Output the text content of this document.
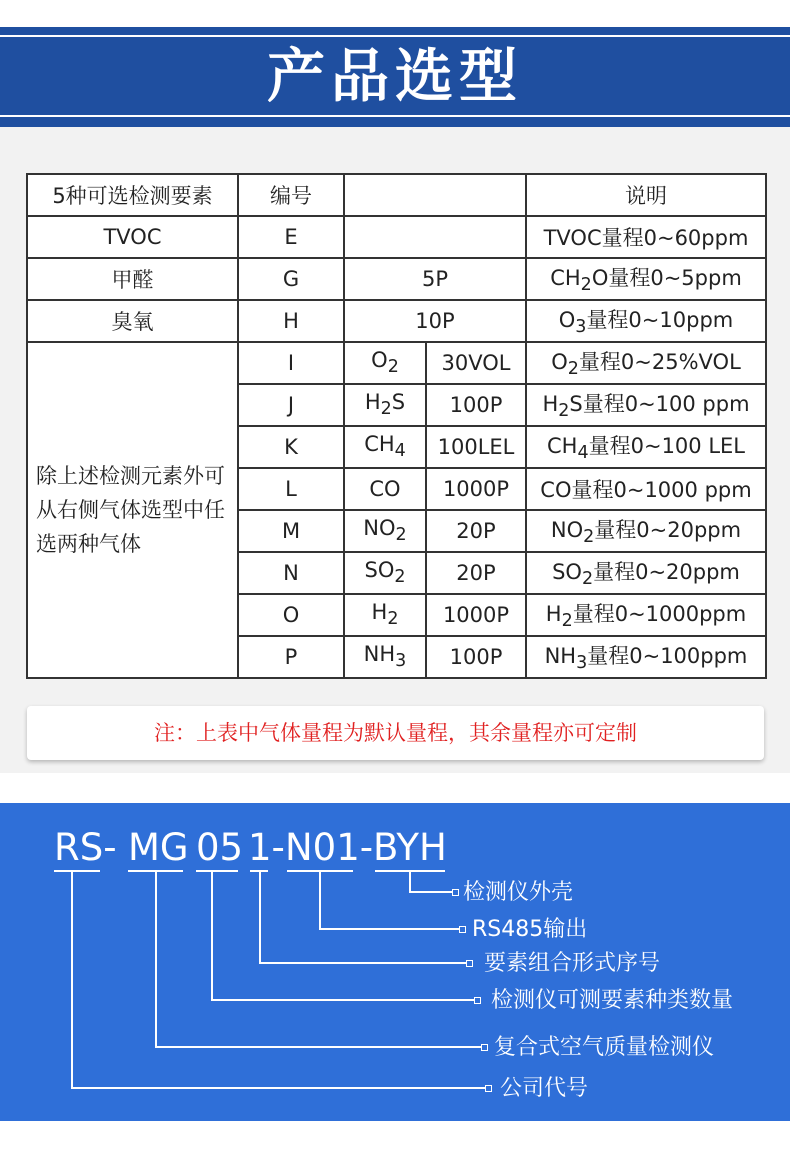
产品选型
5种可选检测要素	编号			说明
TVOC	E			TVOC量程0~60ppm
甲醛	G	5P		$CH_2O$量程0~5ppm
臭氧	H	10P		$O_3$量程0~10ppm
除上述检测元素外可从右侧气体选型中任选两种气体	I	$O_2$	30VOL	$O_2$量程0~25%VOL
	J	$H_2S$	100P	$H_2S$量程0~100 ppm
	K	$CH_4$	100LEL	$CH_4$量程0~100 LEL
	L	CO	1000P	CO量程0~1000 ppm
	M	$NO_2$	20P	$NO_2$量程0~20ppm
	N	$SO_2$	20P	$SO_2$量程0~20ppm
	O	$H_2$	1000P	$H_2$量程0~1000ppm
	P	$NH_3$	100P	$NH_3$量程0~100ppm
注：上表中气体量程为默认量程，其余量程亦可定制
RS- MG 05 1- N01- BYH
检测仪外壳
RS485输出
要素组合形式序号
检测仪可测要素种类数量
复合式空气质量检测仪
公司代号
